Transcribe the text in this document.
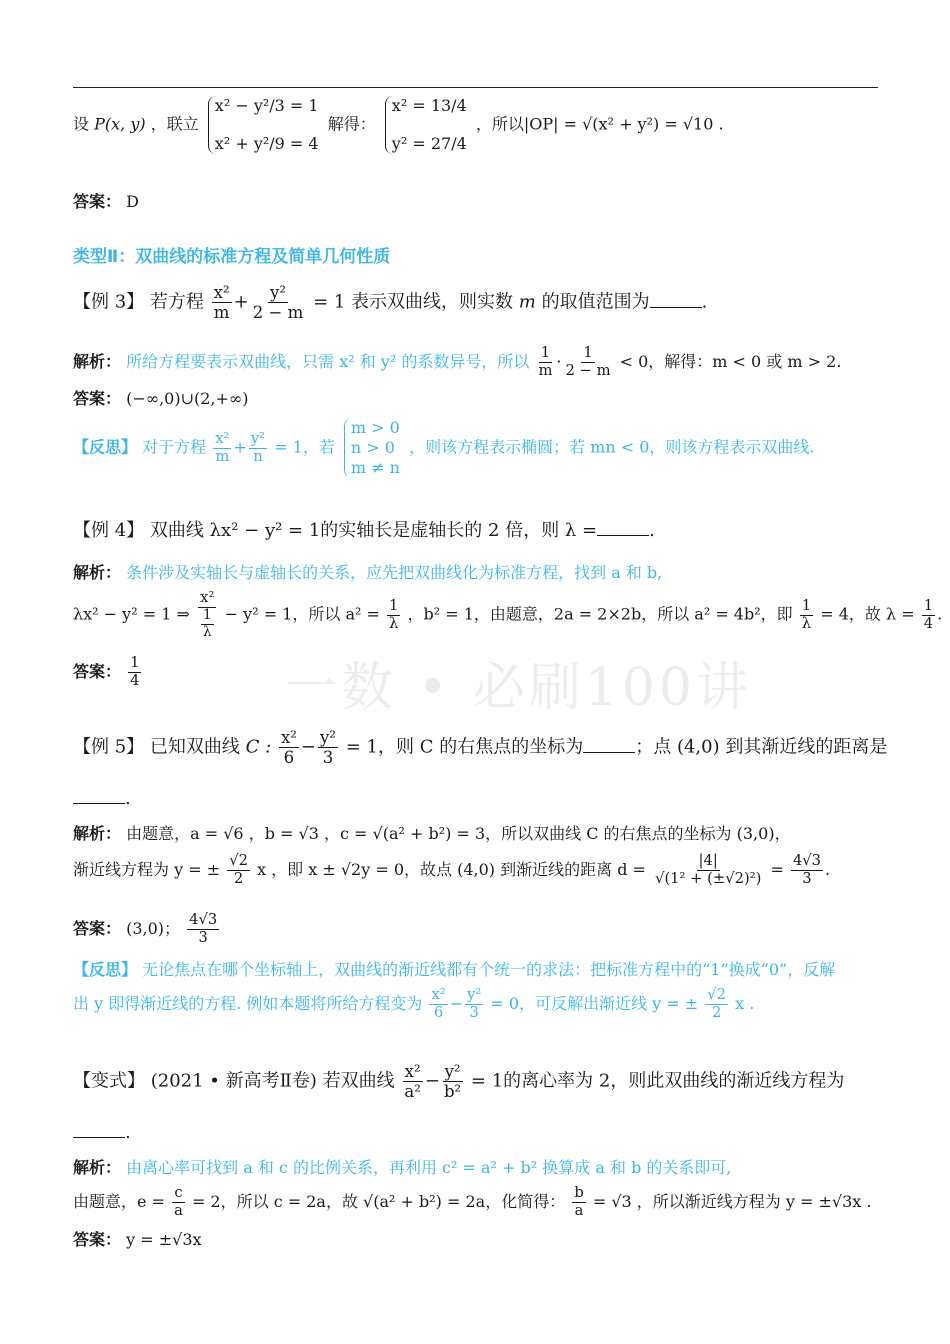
设 P(x, y) ，联立
x² − y²/3 = 1
x² + y²/9 = 4
解得：
x² = 13/4
y² = 27/4
，所以|OP| = √(x² + y²) = √10 .
答案： D
类型Ⅱ：双曲线的标准方程及简单几何性质
【例 3】 若方程 $\frac{\text{x²}}{m} + \frac{\text{y²}}{2 - m} = 1$ 表示双曲线，则实数 m 的取值范围为	.
解析： 所给方程要表示双曲线，只需 x² 和 y² 的系数异号，所以 $\frac{1}{m} \cdot \frac{1}{2 - m} < 0$，解得：m < 0 或 m > 2.
答案： (−∞,0)∪(2,+∞)
【反思】 对于方程 $\frac{\text{x²}}{m} + \frac{\text{y²}}{n} = 1$，若
m > 0
n > 0
m ≠ n
，则该方程表示椭圆；若 mn < 0，则该方程表示双曲线.
【例 4】 双曲线 λx² − y² = 1的实轴长是虚轴长的 2 倍，则 λ =	.
解析： 条件涉及实轴长与虚轴长的关系，应先把双曲线化为标准方程，找到 a 和 b,
λx² − y² = 1 ⇒ $\frac{\text{x²}}{\frac{1}{\lambda}} - y^2 = 1$，所以 $a^2 = \frac{1}{\lambda}$ ，b² = 1，由题意，2a = 2×2b，所以 a² = 4b²，即 $\frac{1}{\lambda} = 4$，故 $\lambda = \frac{1}{4}$ .
答案： $\frac{1}{4}$	一数 • 必刷100讲
【例 5】 已知双曲线 C : $\frac{\text{x²}}{6} - \frac{\text{y²}}{3} = 1$，则 C 的右焦点的坐标为	；点 (4,0) 到其渐近线的距离是
.
解析： 由题意，a = √6 ，b = √3 ，c = √(a² + b²) = 3，所以双曲线 C 的右焦点的坐标为 (3,0)，
渐近线方程为 y = ± $\frac{√2}{2}$ x ，即 x ± √2y = 0，故点 (4,0) 到渐近线的距离 $d = \frac{|4|}{\text{√(1² + (±√2)²)}} = \frac{4√3}{3}$ .
答案： (3,0)； $\frac{4√3}{3}$
【反思】 无论焦点在哪个坐标轴上，双曲线的渐近线都有个统一的求法：把标准方程中的“1”换成“0”，反解
出 y 即得渐近线的方程. 例如本题将所给方程变为 $\frac{\text{x²}}{6} - \frac{\text{y²}}{3} = 0$，可反解出渐近线 y = ± $\frac{√2}{2}$ x .
【变式】 (2021 • 新高考Ⅱ卷) 若双曲线 $\frac{\text{x²}}{\text{a²}} - \frac{\text{y²}}{\text{b²}} = 1$的离心率为 2，则此双曲线的渐近线方程为
.
解析： 由离心率可找到 a 和 c 的比例关系，再利用 c² = a² + b² 换算成 a 和 b 的关系即可,
由题意，$e = \frac{c}{a} = 2$，所以 c = 2a，故 √(a² + b²) = 2a，化简得： $\frac{b}{a} = √3$ ，所以渐近线方程为 y = ±√3x .
答案： y = ±√3x
